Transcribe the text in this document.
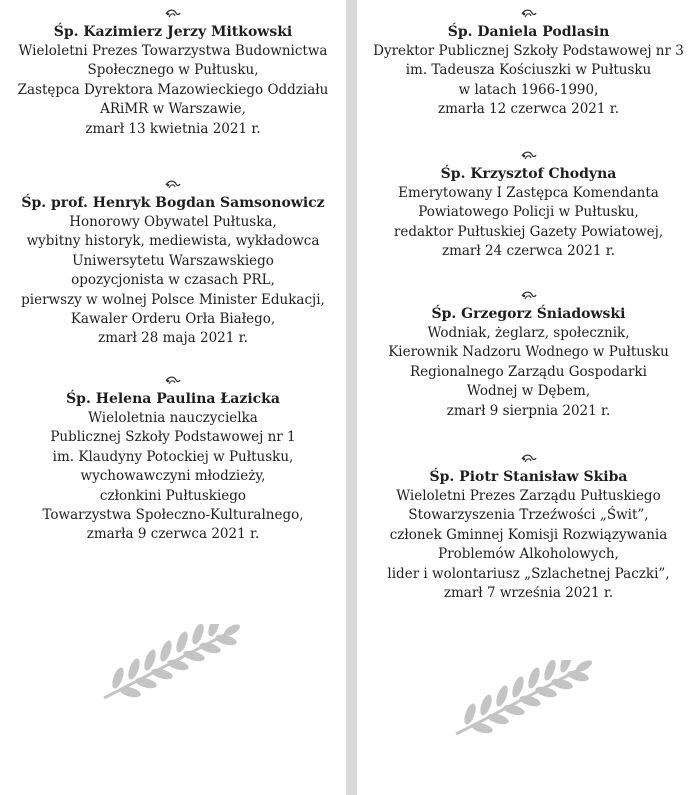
Śp. Kazimierz Jerzy Mitkowski
Wieloletni Prezes Towarzystwa Budownictwa
Społecznego w Pułtusku,
Zastępca Dyrektora Mazowieckiego Oddziału
ARiMR w Warszawie,
zmarł 13 kwietnia 2021 r.
Śp. prof. Henryk Bogdan Samsonowicz
Honorowy Obywatel Pułtuska,
wybitny historyk, mediewista, wykładowca
Uniwersytetu Warszawskiego
opozycjonista w czasach PRL,
pierwszy w wolnej Polsce Minister Edukacji,
Kawaler Orderu Orła Białego,
zmarł 28 maja 2021 r.
Śp. Helena Paulina Łazicka
Wieloletnia nauczycielka
Publicznej Szkoły Podstawowej nr 1
im. Klaudyny Potockiej w Pułtusku,
wychowawczyni młodzieży,
członkini Pułtuskiego
Towarzystwa Społeczno-Kulturalnego,
zmarła 9 czerwca 2021 r.
Śp. Daniela Podlasin
Dyrektor Publicznej Szkoły Podstawowej nr 3
im. Tadeusza Kościuszki w Pułtusku
w latach 1966-1990,
zmarła 12 czerwca 2021 r.
Śp. Krzysztof Chodyna
Emerytowany I Zastępca Komendanta
Powiatowego Policji w Pułtusku,
redaktor Pułtuskiej Gazety Powiatowej,
zmarł 24 czerwca 2021 r.
Śp. Grzegorz Śniadowski
Wodniak, żeglarz, społecznik,
Kierownik Nadzoru Wodnego w Pułtusku
Regionalnego Zarządu Gospodarki
Wodnej w Dębem,
zmarł 9 sierpnia 2021 r.
Śp. Piotr Stanisław Skiba
Wieloletni Prezes Zarządu Pułtuskiego
Stowarzyszenia Trzeźwości „Świt”,
członek Gminnej Komisji Rozwiązywania
Problemów Alkoholowych,
lider i wolontariusz „Szlachetnej Paczki”,
zmarł 7 września 2021 r.
